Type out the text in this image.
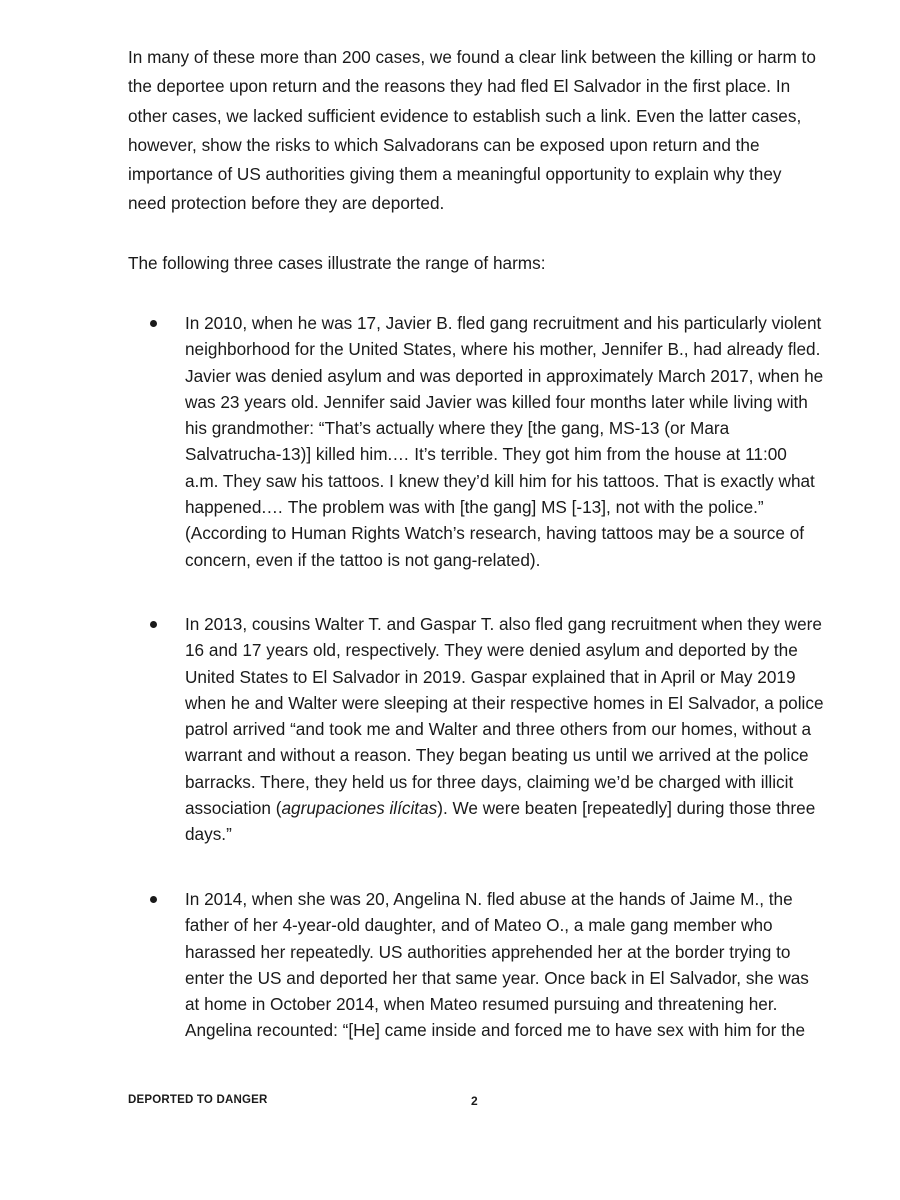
In many of these more than 200 cases, we found a clear link between the killing or harm to the deportee upon return and the reasons they had fled El Salvador in the first place. In other cases, we lacked sufficient evidence to establish such a link. Even the latter cases, however, show the risks to which Salvadorans can be exposed upon return and the importance of US authorities giving them a meaningful opportunity to explain why they need protection before they are deported.

The following three cases illustrate the range of harms:

In 2010, when he was 17, Javier B. fled gang recruitment and his particularly violent neighborhood for the United States, where his mother, Jennifer B., had already fled. Javier was denied asylum and was deported in approximately March 2017, when he was 23 years old. Jennifer said Javier was killed four months later while living with his grandmother: “That’s actually where they [the gang, MS-13 (or Mara Salvatrucha-13)] killed him.… It’s terrible. They got him from the house at 11:00 a.m. They saw his tattoos. I knew they’d kill him for his tattoos. That is exactly what happened.… The problem was with [the gang] MS [-13], not with the police.” (According to Human Rights Watch’s research, having tattoos may be a source of concern, even if the tattoo is not gang-related).

In 2013, cousins Walter T. and Gaspar T. also fled gang recruitment when they were 16 and 17 years old, respectively. They were denied asylum and deported by the United States to El Salvador in 2019. Gaspar explained that in April or May 2019 when he and Walter were sleeping at their respective homes in El Salvador, a police patrol arrived “and took me and Walter and three others from our homes, without a warrant and without a reason. They began beating us until we arrived at the police barracks. There, they held us for three days, claiming we’d be charged with illicit association (agrupaciones ilícitas). We were beaten [repeatedly] during those three days.”

In 2014, when she was 20, Angelina N. fled abuse at the hands of Jaime M., the father of her 4-year-old daughter, and of Mateo O., a male gang member who harassed her repeatedly. US authorities apprehended her at the border trying to enter the US and deported her that same year. Once back in El Salvador, she was at home in October 2014, when Mateo resumed pursuing and threatening her. Angelina recounted: “[He] came inside and forced me to have sex with him for the

DEPORTED TO DANGER	2
